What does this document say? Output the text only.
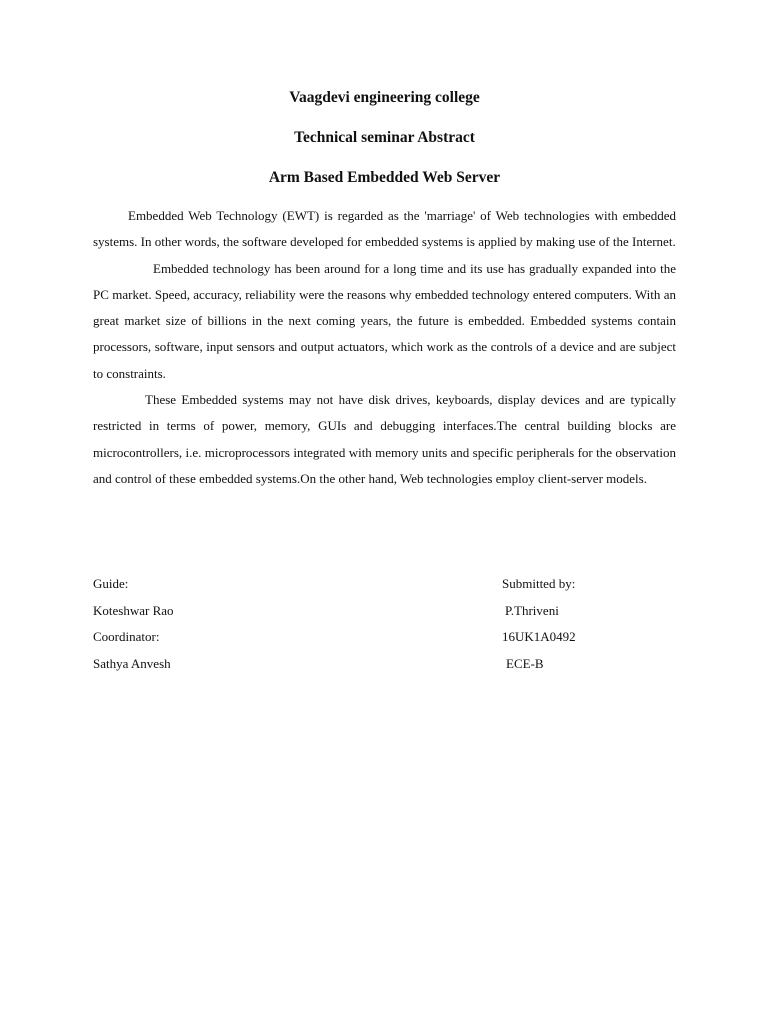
Vaagdevi engineering college

Technical seminar Abstract

Arm Based Embedded Web Server

Embedded Web Technology (EWT) is regarded as the 'marriage' of Web technologies with embedded systems. In other words, the software developed for embedded systems is applied by making use of the Internet.

Embedded technology has been around for a long time and its use has gradually expanded into the PC market. Speed, accuracy, reliability were the reasons why embedded technology entered computers. With an great market size of billions in the next coming years, the future is embedded. Embedded systems contain processors, software, input sensors and output actuators, which work as the controls of a device and are subject to constraints.

These Embedded systems may not have disk drives, keyboards, display devices and are typically restricted in terms of power, memory, GUIs and debugging interfaces.The central building blocks are microcontrollers, i.e. microprocessors integrated with memory units and specific peripherals for the observation and control of these embedded systems.On the other hand, Web technologies employ client-server models.

Guide:	Submitted by:
Koteshwar Rao	P.Thriveni
Coordinator:	16UK1A0492
Sathya Anvesh	ECE-B
